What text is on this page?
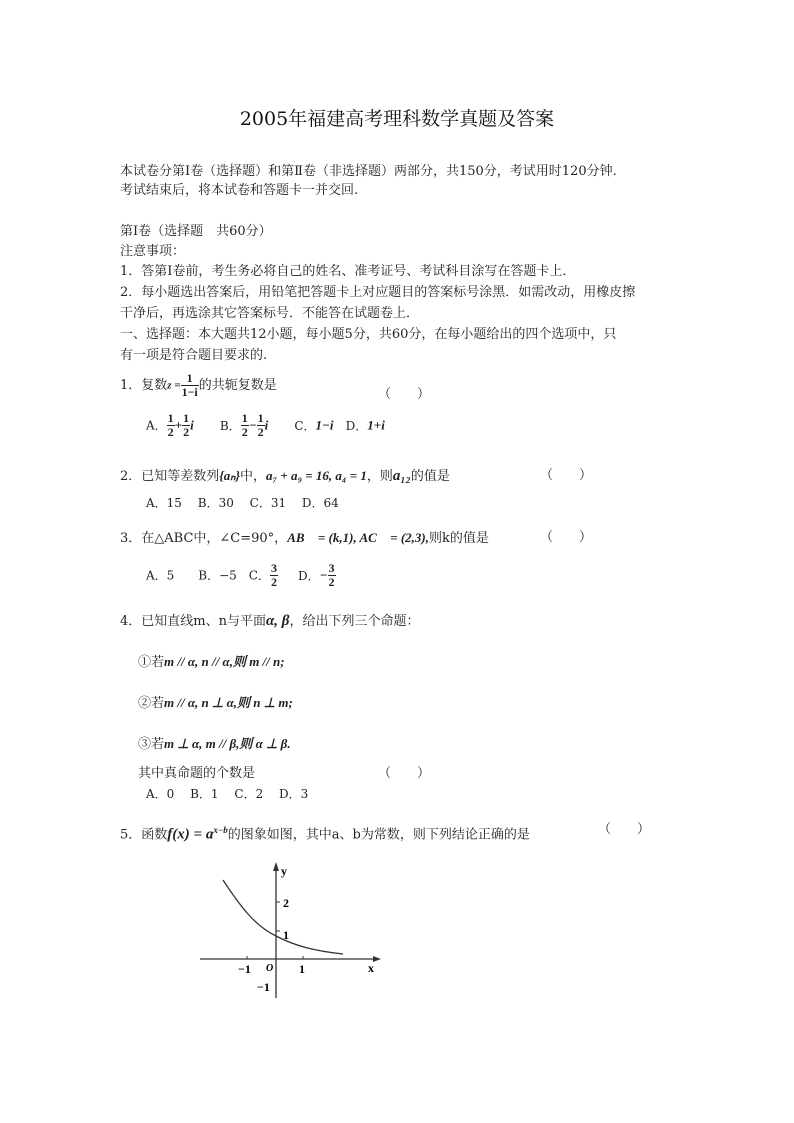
2005年福建高考理科数学真题及答案
本试卷分第Ⅰ卷（选择题）和第Ⅱ卷（非选择题）两部分，共150分，考试用时120分钟.
考试结束后，将本试卷和答题卡一并交回.
第Ⅰ卷（选择题　共60分）
注意事项：
1．答第Ⅰ卷前，考生务必将自己的姓名、准考证号、考试科目涂写在答题卡上．
2．每小题选出答案后，用铅笔把答题卡上对应题目的答案标号涂黑．如需改动，用橡皮擦
干净后，再选涂其它答案标号．不能答在试题卷上．
一、选择题：本大题共12小题，每小题5分，共60分，在每小题给出的四个选项中，只
有一项是符合题目要求的.
1．复数$z = \frac{1}{1-i}$ 的共轭复数是
（　　）
A． $\frac{1}{2} + \frac{1}{2}$ i B． $\frac{1}{2} - \frac{1}{2}$ i C．1−i D．1+i
2．已知等差数列{aₙ}中，a₇ + a₉ = 16, a₄ = 1，则a₁₂的值是	（　　）
A．15　 B．30　 C．31　 D．64
3．在△ABC中，∠C=90°，AB⃗ = (k,1), AC⃗ = (2,3),则k的值是	（　　）
A．5　　B．−5　C． $\frac{3}{2}$ D．− $\frac{3}{2}$
4．已知直线m、n与平面α, β，给出下列三个命题：
①若m // α, n // α,则 m // n;
②若m // α, n ⊥ α,则 n ⊥ m;
③若m ⊥ α, m // β,则 α ⊥ β.
其中真命题的个数是	（　　）
A．0　 B．1　 C．2　 D．3
5．函数$f(x) = a^{x-b}$的图象如图，其中a、b为常数，则下列结论正确的是	（　　）
y
x
O
2
1
−1	1
−1
